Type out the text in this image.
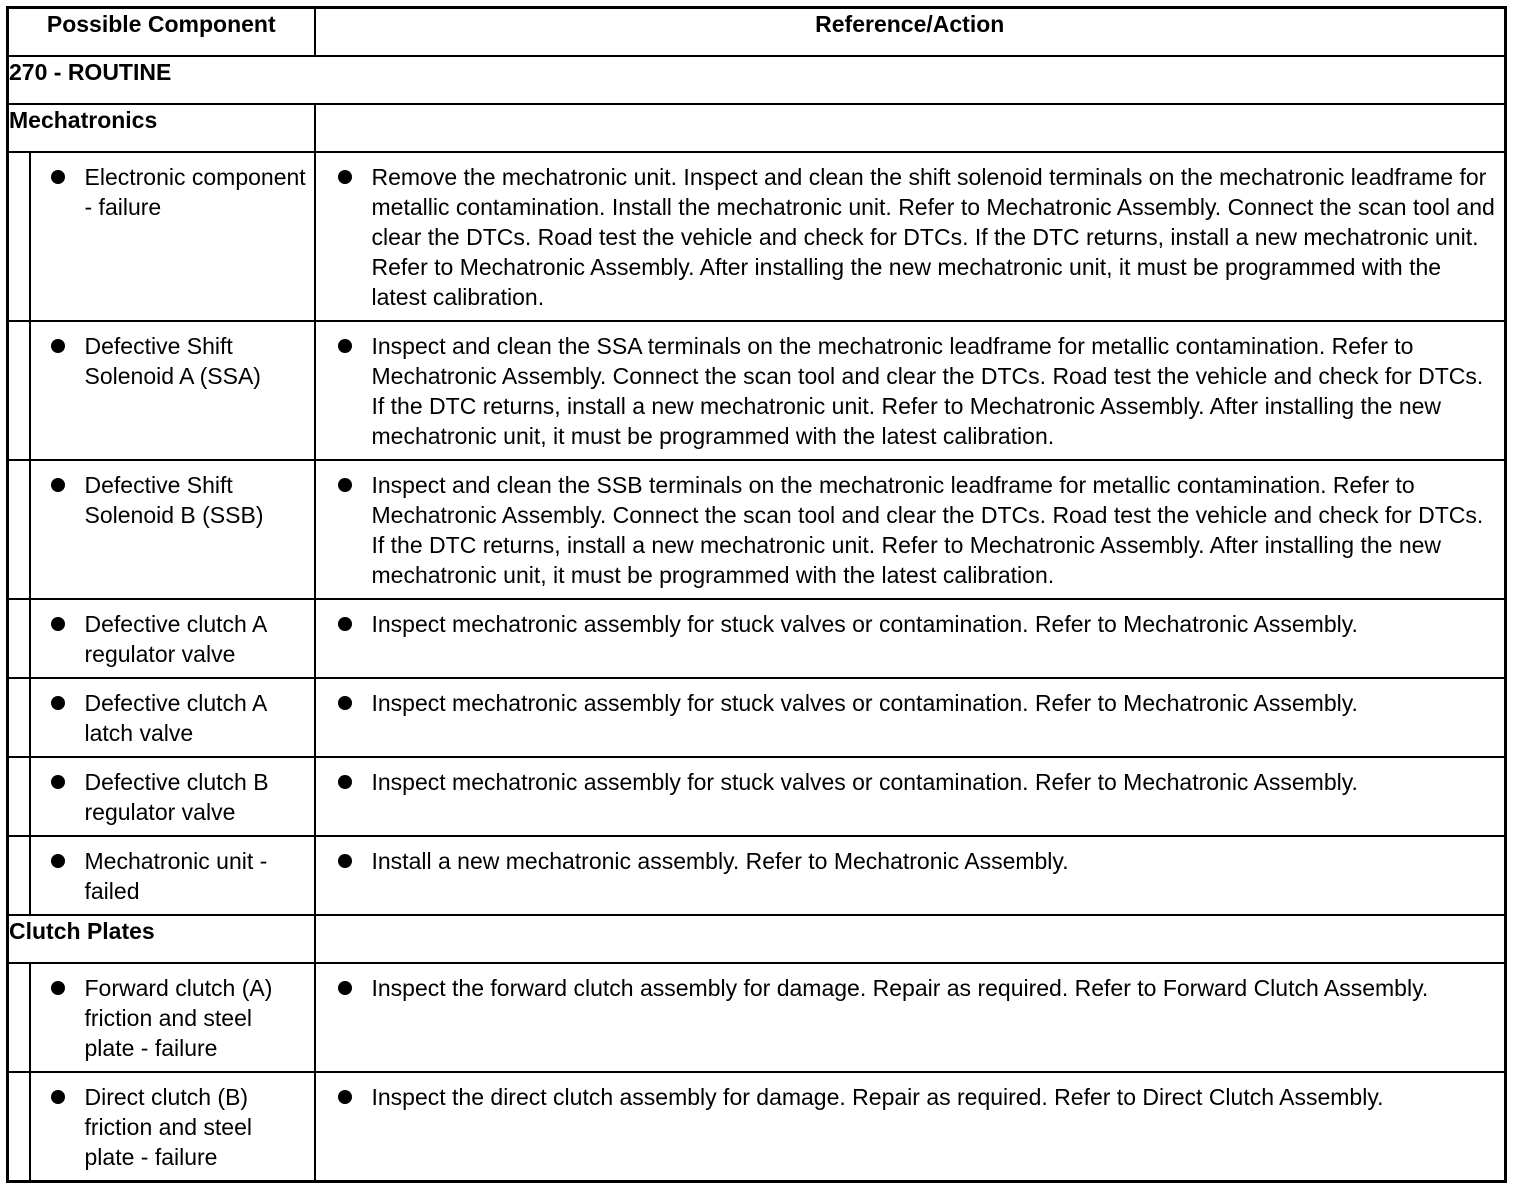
Possible Component		Reference/Action
270 - ROUTINE		
Mechatronics		

	Electronic component - failure	Remove the mechatronic unit. Inspect and clean the shift solenoid terminals on the mechatronic leadframe for metallic contamination. Install the mechatronic unit. Refer to Mechatronic Assembly. Connect the scan tool and clear the DTCs. Road test the vehicle and check for DTCs. If the DTC returns, install a new mechatronic unit. Refer to Mechatronic Assembly. After installing the new mechatronic unit, it must be programmed with the latest calibration.

	Defective Shift Solenoid A (SSA)	Inspect and clean the SSA terminals on the mechatronic leadframe for metallic contamination. Refer to Mechatronic Assembly. Connect the scan tool and clear the DTCs. Road test the vehicle and check for DTCs. If the DTC returns, install a new mechatronic unit. Refer to Mechatronic Assembly. After installing the new mechatronic unit, it must be programmed with the latest calibration.

	Defective Shift Solenoid B (SSB)	Inspect and clean the SSB terminals on the mechatronic leadframe for metallic contamination. Refer to Mechatronic Assembly. Connect the scan tool and clear the DTCs. Road test the vehicle and check for DTCs. If the DTC returns, install a new mechatronic unit. Refer to Mechatronic Assembly. After installing the new mechatronic unit, it must be programmed with the latest calibration.

	Defective clutch A regulator valve	Inspect mechatronic assembly for stuck valves or contamination. Refer to Mechatronic Assembly.

	Defective clutch A latch valve	Inspect mechatronic assembly for stuck valves or contamination. Refer to Mechatronic Assembly.

	Defective clutch B regulator valve	Inspect mechatronic assembly for stuck valves or contamination. Refer to Mechatronic Assembly.

	Mechatronic unit - failed	Install a new mechatronic assembly. Refer to Mechatronic Assembly.

Clutch Plates		

	Forward clutch (A) friction and steel plate - failure	Inspect the forward clutch assembly for damage. Repair as required. Refer to Forward Clutch Assembly.

	Direct clutch (B) friction and steel plate - failure	Inspect the direct clutch assembly for damage. Repair as required. Refer to Direct Clutch Assembly.
